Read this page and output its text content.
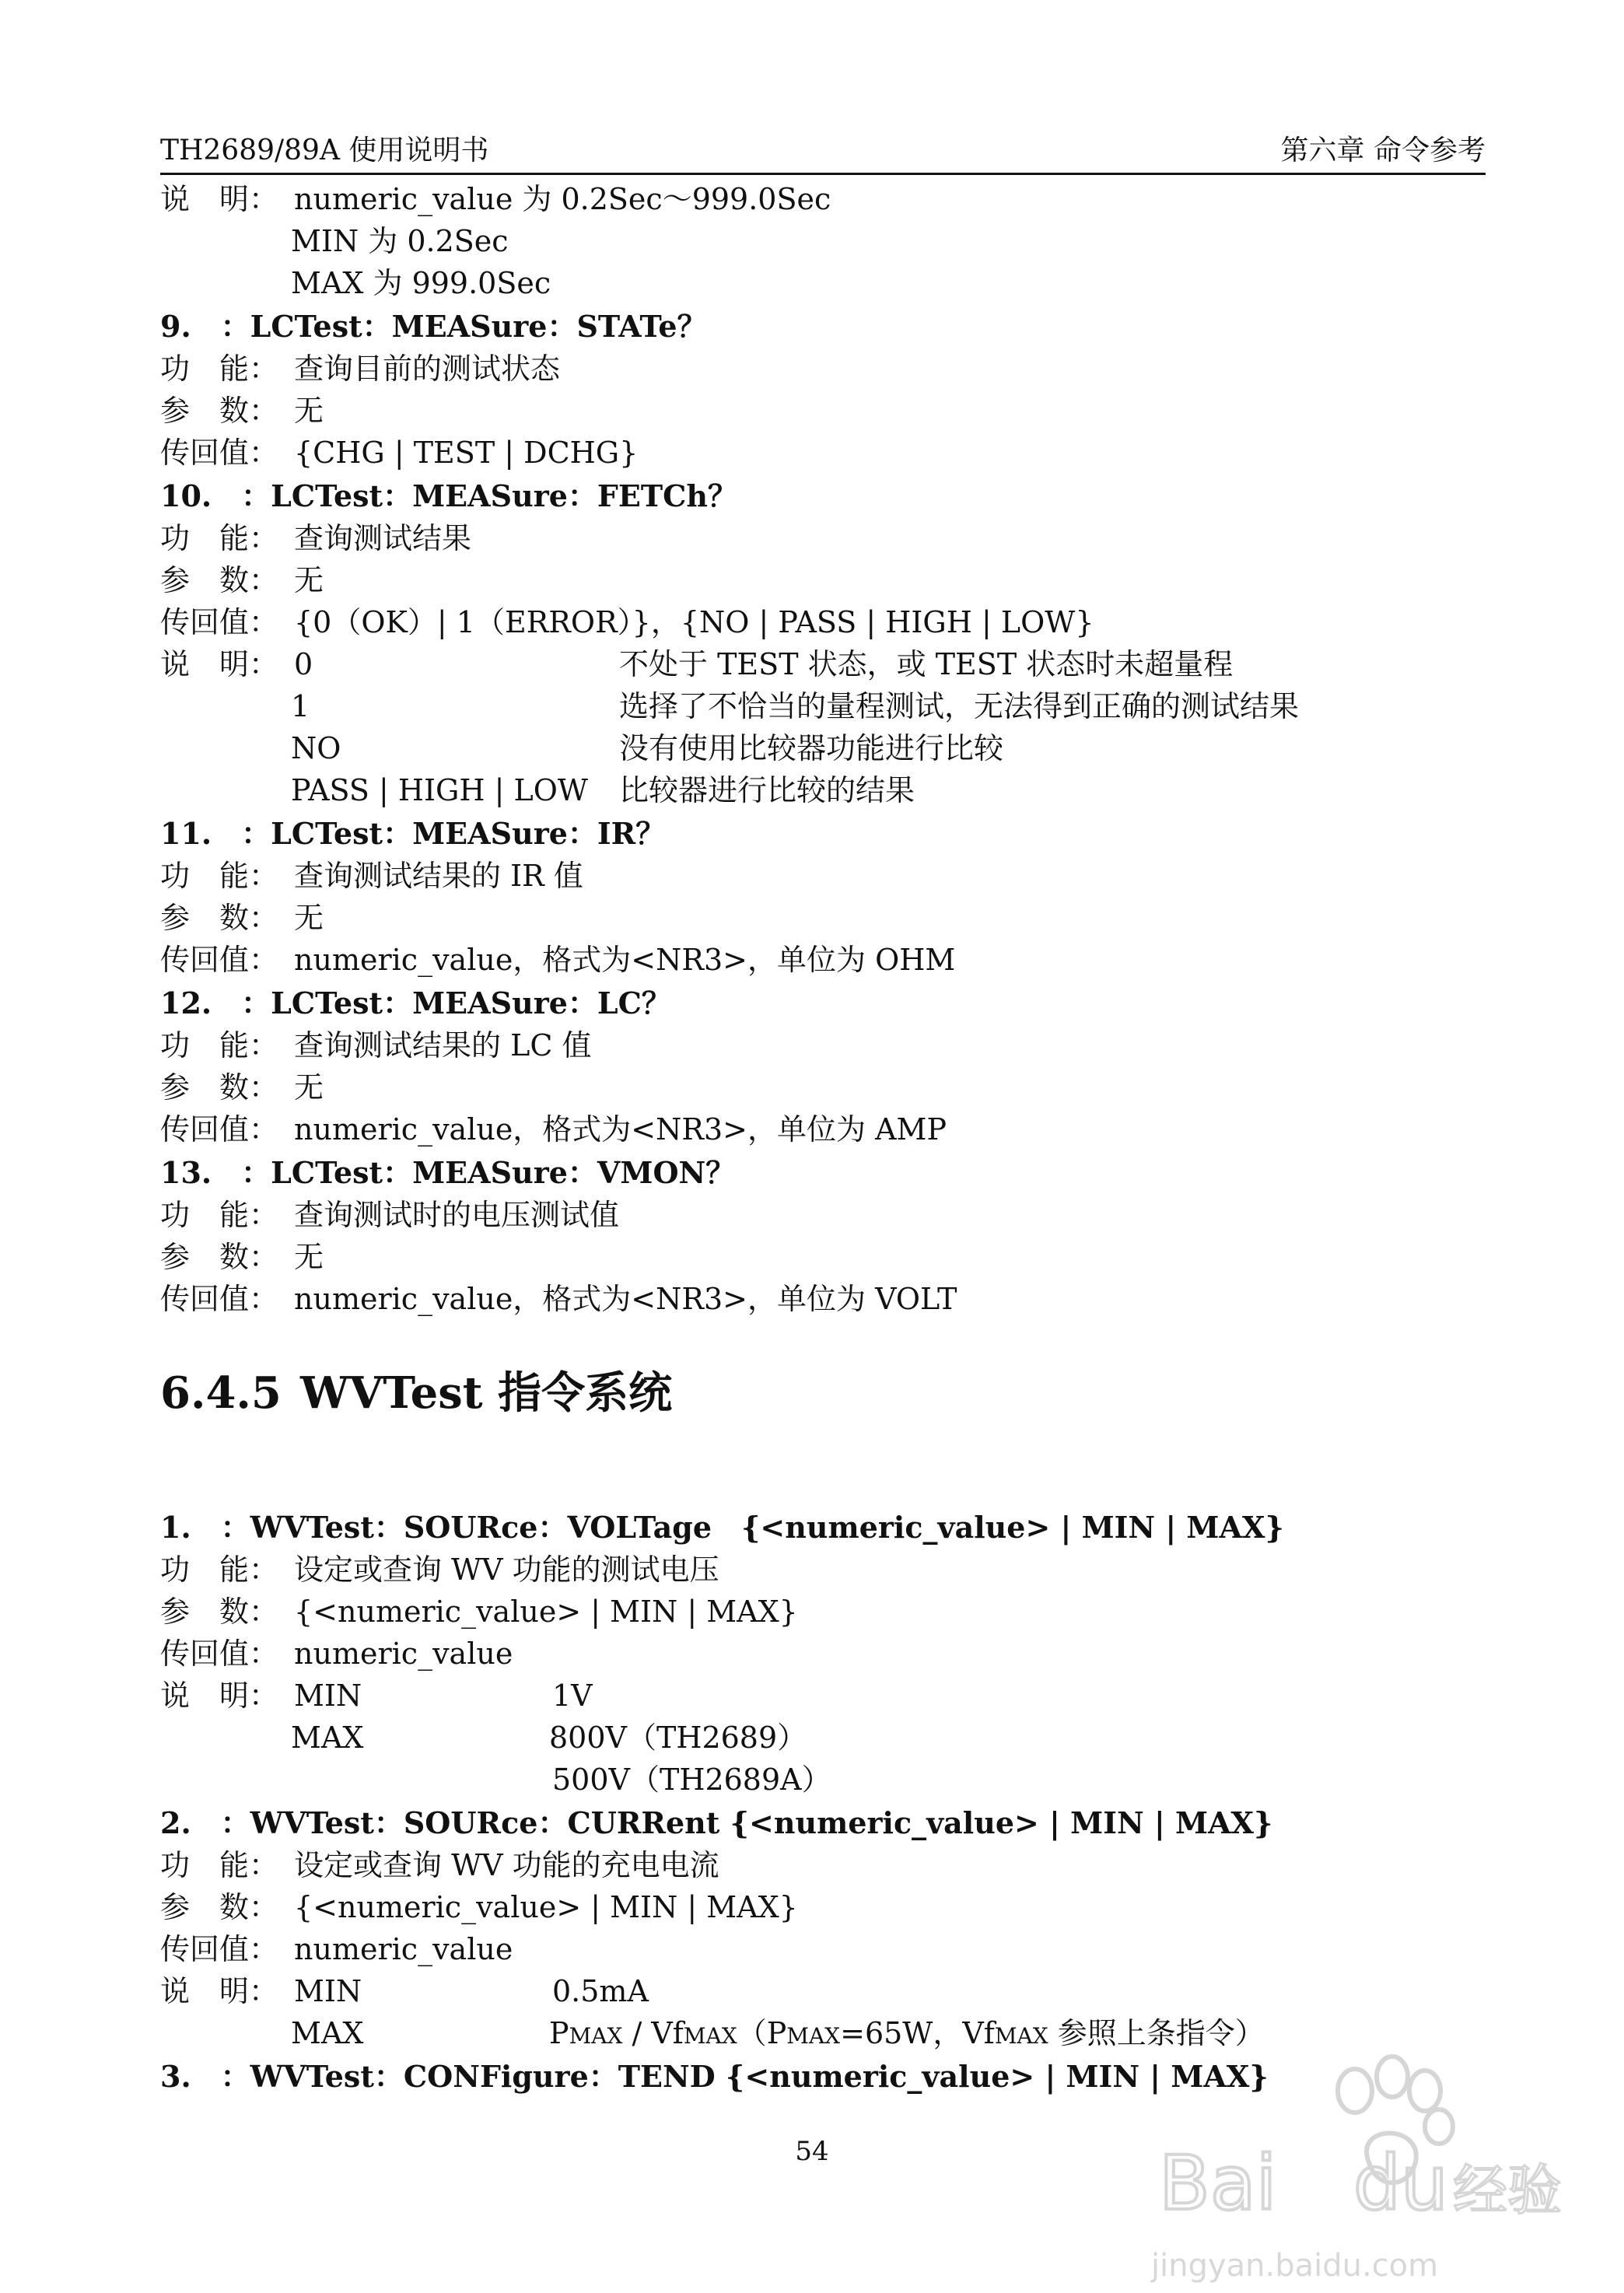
TH2689/89A 使用说明书	第六章 命令参考
说　明： numeric_value 为 0.2Sec～999.0Sec
MIN 为 0.2Sec
MAX 为 999.0Sec
9.　：LCTest：MEASure：STATe？
功　能： 查询目前的测试状态
参　数： 无
传回值： {CHG | TEST | DCHG}
10.　：LCTest：MEASure：FETCh？
功　能： 查询测试结果
参　数： 无
传回值： {0（OK）| 1（ERROR）}，{NO | PASS | HIGH | LOW}
说　明： 0	不处于 TEST 状态，或 TEST 状态时未超量程
1	选择了不恰当的量程测试，无法得到正确的测试结果
NO	没有使用比较器功能进行比较
PASS | HIGH | LOW 比较器进行比较的结果
11.　：LCTest：MEASure：IR？
功　能： 查询测试结果的 IR 值
参　数： 无
传回值： numeric_value，格式为<NR3>，单位为 OHM
12.　：LCTest：MEASure：LC？
功　能： 查询测试结果的 LC 值
参　数： 无
传回值： numeric_value，格式为<NR3>，单位为 AMP
13.　：LCTest：MEASure：VMON？
功　能： 查询测试时的电压测试值
参　数： 无
传回值： numeric_value，格式为<NR3>，单位为 VOLT
6.4.5 WVTest 指令系统
1.　：WVTest：SOURce：VOLTage　{<numeric_value> | MIN | MAX}
功　能： 设定或查询 WV 功能的测试电压
参　数： {<numeric_value> | MIN | MAX}
传回值： numeric_value
说　明： MIN	1V
MAX	800V（TH2689）
500V（TH2689A）
2.　：WVTest：SOURce：CURRent {<numeric_value> | MIN | MAX}
功　能： 设定或查询 WV 功能的充电电流
参　数： {<numeric_value> | MIN | MAX}
传回值： numeric_value
说　明： MIN	0.5mA
MAX	PMAX / VfMAX（PMAX=65W，VfMAX 参照上条指令）
3.　：WVTest：CONFigure：TEND {<numeric_value> | MIN | MAX}
54	Bai du 经验
jingyan.baidu.com
